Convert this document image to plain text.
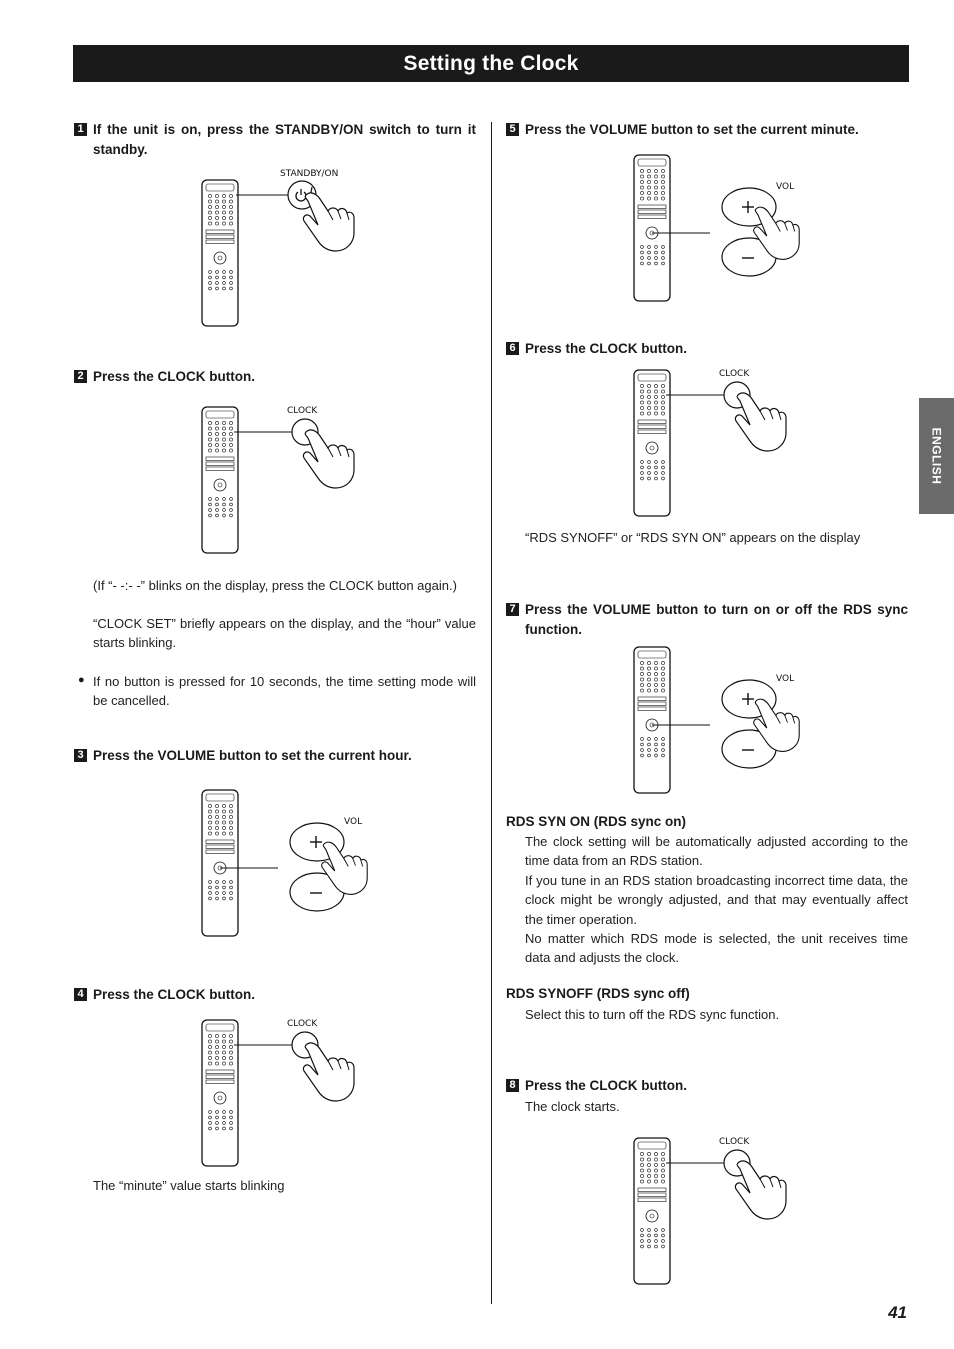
Setting the Clock
ENGLISH
41
1 If the unit is on, press the STANDBY/ON switch to turn it standby.
STANDBY/ON
2 Press the CLOCK button.
CLOCK
(If “- -:- -” blinks on the display, press the CLOCK button again.)
“CLOCK SET” briefly appears on the display, and the “hour” value starts blinking.
● If no button is pressed for 10 seconds, the time setting mode will be cancelled.
3 Press the VOLUME button to set the current hour.
VOL
4 Press the CLOCK button.
CLOCK
The “minute” value starts blinking
5 Press the VOLUME button to set the current minute.
VOL
6 Press the CLOCK button.
CLOCK
“RDS SYNOFF” or “RDS SYN ON” appears on the display
7 Press the VOLUME button to turn on or off the RDS sync function.
VOL
RDS SYN ON (RDS sync on)
The clock setting will be automatically adjusted according to the time data from an RDS station.
If you tune in an RDS station broadcasting incorrect time data, the clock might be wrongly adjusted, and that may eventually affect the timer operation.
No matter which RDS mode is selected, the unit receives time data and adjusts the clock.
RDS SYNOFF (RDS sync off)
Select this to turn off the RDS sync function.
8 Press the CLOCK button.
The clock starts.
CLOCK
